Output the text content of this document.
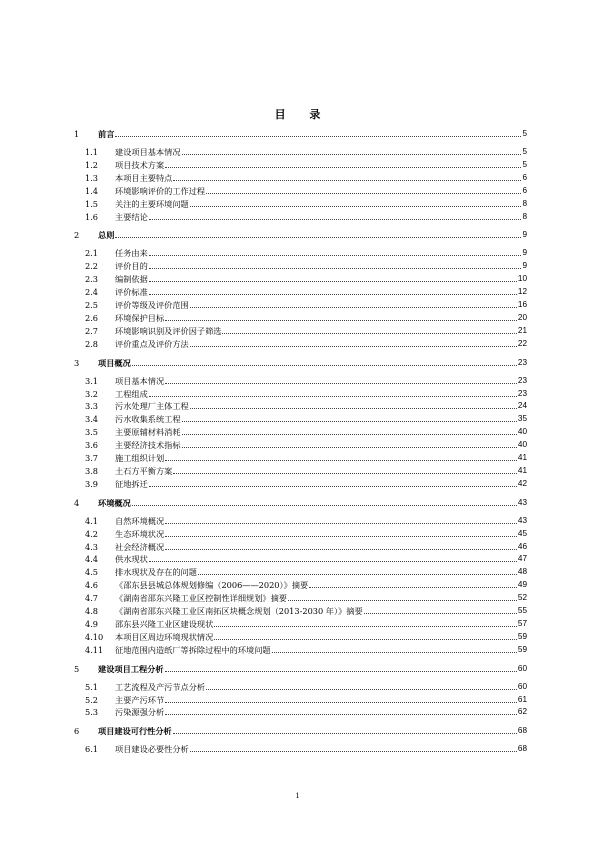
目 录
1	前言	5
1.1	建设项目基本情况	5
1.2	项目技术方案	5
1.3	本项目主要特点	6
1.4	环境影响评价的工作过程	6
1.5	关注的主要环境问题	8
1.6	主要结论	8
2	总则	9
2.1	任务由来	9
2.2	评价目的	9
2.3	编制依据	10
2.4	评价标准	12
2.5	评价等级及评价范围	16
2.6	环境保护目标	20
2.7	环境影响识别及评价因子筛选	21
2.8	评价重点及评价方法	22
3	项目概况	23
3.1	项目基本情况	23
3.2	工程组成	23
3.3	污水处理厂主体工程	24
3.4	污水收集系统工程	35
3.5	主要原辅材料消耗	40
3.6	主要经济技术指标	40
3.7	施工组织计划	41
3.8	土石方平衡方案	41
3.9	征地拆迁	42
4	环境概况	43
4.1	自然环境概况	43
4.2	生态环境状况	45
4.3	社会经济概况	46
4.4	供水现状	47
4.5	排水现状及存在的问题	48
4.6	《邵东县县城总体规划修编（2006——2020）》摘要	49
4.7	《湖南省邵东兴隆工业区控制性详细规划》摘要	52
4.8	《湖南省邵东兴隆工业区南拓区块概念规划（2013-2030 年）》摘要	55
4.9	邵东县兴隆工业区建设现状	57
4.10	本项目区周边环境现状情况	59
4.11	征地范围内造纸厂等拆除过程中的环境问题	59
5	建设项目工程分析	60
5.1	工艺流程及产污节点分析	60
5.2	主要产污环节	61
5.3	污染源强分析	62
6	项目建设可行性分析	68
6.1	项目建设必要性分析	68
1
